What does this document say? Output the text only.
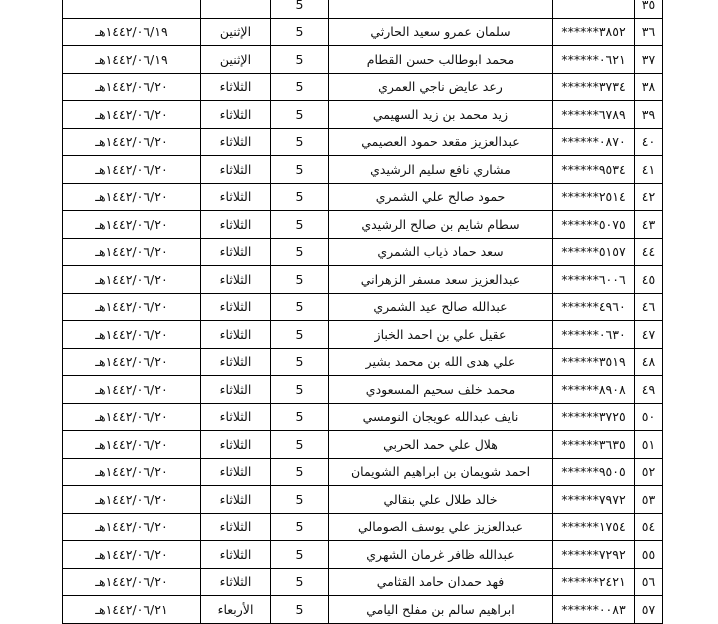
٣٥			5		
٣٦	******٣٨٥٢	سلمان عمرو سعيد الحارثي	5	الإثنين	١٤٤٢/٠٦/١٩هـ
٣٧	******٠٦٢١	محمد ابوطالب حسن القطام	5	الإثنين	١٤٤٢/٠٦/١٩هـ
٣٨	******٣٧٣٤	رعد عايض ناجي العمري	5	الثلاثاء	١٤٤٢/٠٦/٢٠هـ
٣٩	******٦٧٨٩	زيد محمد بن زيد السهيمي	5	الثلاثاء	١٤٤٢/٠٦/٢٠هـ
٤٠	******٠٨٧٠	عبدالعزيز مقعد حمود العصيمي	5	الثلاثاء	١٤٤٢/٠٦/٢٠هـ
٤١	******٩٥٣٤	مشاري نافع سليم الرشيدي	5	الثلاثاء	١٤٤٢/٠٦/٢٠هـ
٤٢	******٢٥١٤	حمود صالح علي الشمري	5	الثلاثاء	١٤٤٢/٠٦/٢٠هـ
٤٣	******٥٠٧٥	سطام شايم بن صالح الرشيدي	5	الثلاثاء	١٤٤٢/٠٦/٢٠هـ
٤٤	******٥١٥٧	سعد حماد ذياب الشمري	5	الثلاثاء	١٤٤٢/٠٦/٢٠هـ
٤٥	******٦٠٠٦	عبدالعزيز سعد مسفر الزهراني	5	الثلاثاء	١٤٤٢/٠٦/٢٠هـ
٤٦	******٤٩٦٠	عبدالله صالح عيد الشمري	5	الثلاثاء	١٤٤٢/٠٦/٢٠هـ
٤٧	******٠٦٣٠	عقيل علي بن احمد الخباز	5	الثلاثاء	١٤٤٢/٠٦/٢٠هـ
٤٨	******٣٥١٩	علي هدى الله بن محمد بشير	5	الثلاثاء	١٤٤٢/٠٦/٢٠هـ
٤٩	******٨٩٠٨	محمد خلف سحيم المسعودي	5	الثلاثاء	١٤٤٢/٠٦/٢٠هـ
٥٠	******٣٧٢٥	نايف عبدالله عويجان النومسي	5	الثلاثاء	١٤٤٢/٠٦/٢٠هـ
٥١	******٣٦٣٥	هلال علي حمد الحربي	5	الثلاثاء	١٤٤٢/٠٦/٢٠هـ
٥٢	******٩٥٠٥	احمد شويمان بن ابراهيم الشويمان	5	الثلاثاء	١٤٤٢/٠٦/٢٠هـ
٥٣	******٧٩٧٢	خالد طلال علي بنقالي	5	الثلاثاء	١٤٤٢/٠٦/٢٠هـ
٥٤	******١٧٥٤	عبدالعزيز علي يوسف الصومالي	5	الثلاثاء	١٤٤٢/٠٦/٢٠هـ
٥٥	******٧٢٩٢	عبدالله ظافر غرمان الشهري	5	الثلاثاء	١٤٤٢/٠٦/٢٠هـ
٥٦	******٢٤٢١	فهد حمدان حامد القثامي	5	الثلاثاء	١٤٤٢/٠٦/٢٠هـ
٥٧	******٠٠٨٣	ابراهيم سالم بن مفلح اليامي	5	الأربعاء	١٤٤٢/٠٦/٢١هـ
